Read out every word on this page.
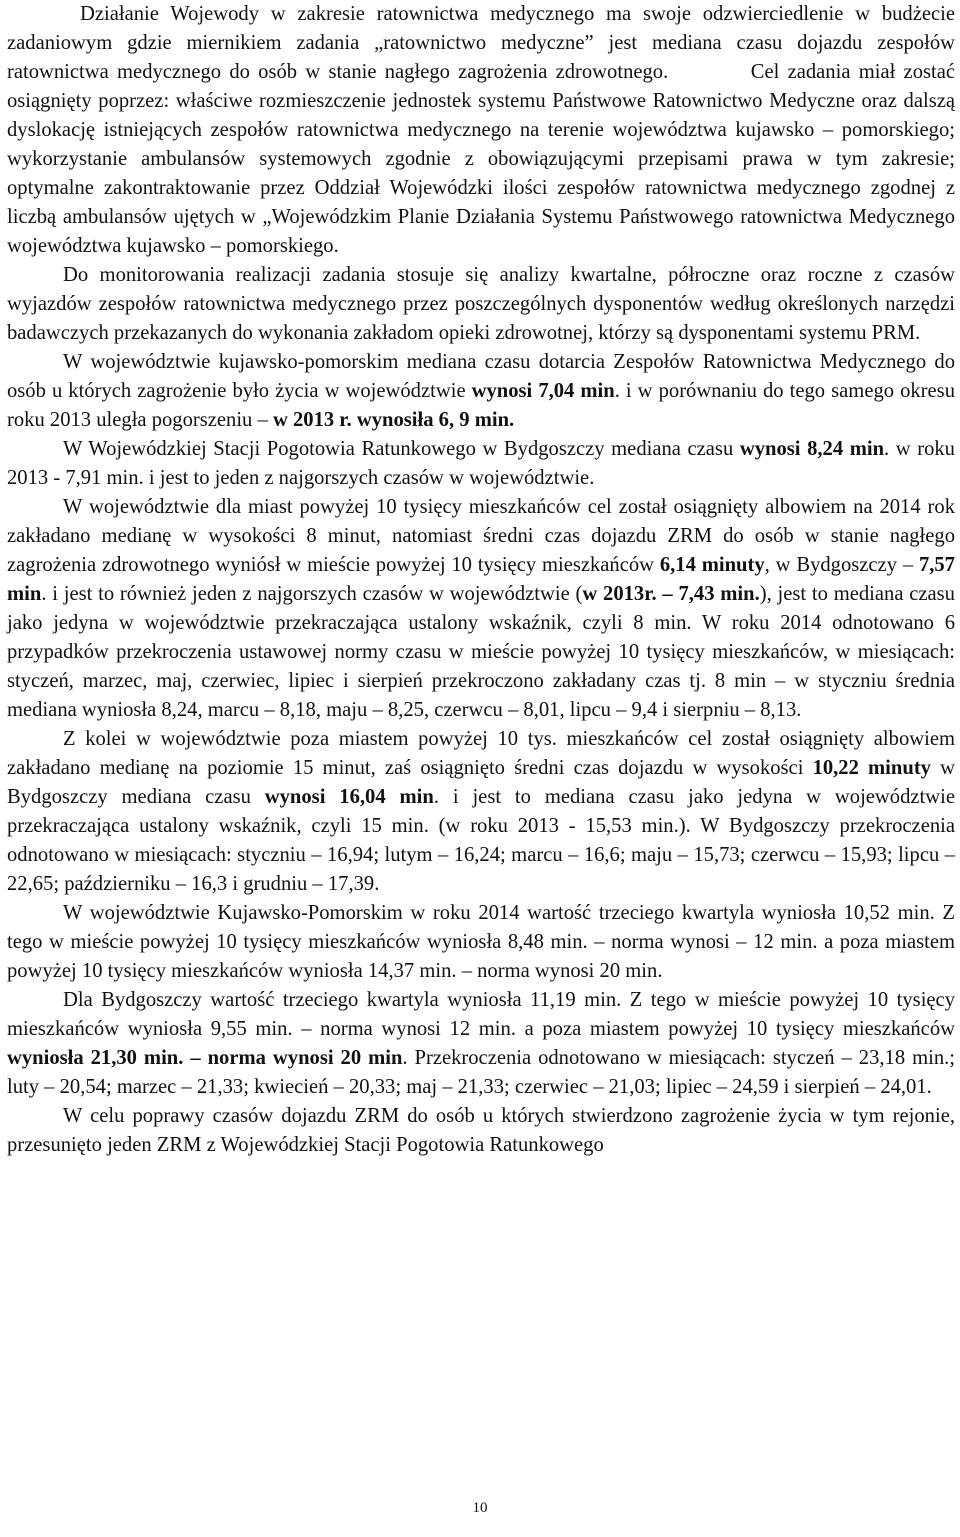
Działanie Wojewody w zakresie ratownictwa medycznego ma swoje odzwierciedlenie w budżecie zadaniowym gdzie miernikiem zadania „ratownictwo medyczne” jest mediana czasu dojazdu zespołów ratownictwa medycznego do osób w stanie nagłego zagrożenia zdrowotnego.          Cel zadania miał zostać osiągnięty poprzez: właściwe rozmieszczenie jednostek systemu Państwowe Ratownictwo Medyczne oraz dalszą dyslokację istniejących zespołów ratownictwa medycznego na terenie województwa kujawsko – pomorskiego; wykorzystanie ambulansów systemowych zgodnie z obowiązującymi przepisami prawa w tym zakresie; optymalne zakontraktowanie przez Oddział Wojewódzki ilości zespołów ratownictwa medycznego zgodnej z liczbą ambulansów ujętych w „Wojewódzkim Planie Działania Systemu Państwowego ratownictwa Medycznego województwa kujawsko – pomorskiego.

Do monitorowania realizacji zadania stosuje się analizy kwartalne, półroczne oraz roczne z czasów wyjazdów zespołów ratownictwa medycznego przez poszczególnych dysponentów według określonych narzędzi badawczych przekazanych do wykonania zakładom opieki zdrowotnej, którzy są dysponentami systemu PRM.

W województwie kujawsko-pomorskim mediana czasu dotarcia Zespołów Ratownictwa Medycznego do osób u których zagrożenie było życia w województwie wynosi 7,04 min. i w porównaniu do tego samego okresu roku 2013 uległa pogorszeniu – w 2013 r. wynosiła 6, 9 min.

W Wojewódzkiej Stacji Pogotowia Ratunkowego w Bydgoszczy mediana czasu wynosi 8,24 min. w roku 2013 - 7,91 min. i jest to jeden z najgorszych czasów w województwie.

W województwie dla miast powyżej 10 tysięcy mieszkańców cel został osiągnięty albowiem na 2014 rok zakładano medianę w wysokości 8 minut, natomiast średni czas dojazdu ZRM do osób w stanie nagłego zagrożenia zdrowotnego wyniósł w mieście powyżej 10 tysięcy mieszkańców 6,14 minuty, w Bydgoszczy – 7,57 min. i jest to również jeden z najgorszych czasów w województwie (w 2013r. – 7,43 min.), jest to mediana czasu jako jedyna w województwie przekraczająca ustalony wskaźnik, czyli 8 min. W roku 2014 odnotowano 6 przypadków przekroczenia ustawowej normy czasu w mieście powyżej 10 tysięcy mieszkańców, w miesiącach: styczeń, marzec, maj, czerwiec, lipiec i sierpień przekroczono zakładany czas tj. 8 min – w styczniu średnia mediana wyniosła 8,24, marcu – 8,18, maju – 8,25, czerwcu – 8,01, lipcu – 9,4 i sierpniu – 8,13.

Z kolei w województwie poza miastem powyżej 10 tys. mieszkańców cel został osiągnięty albowiem zakładano medianę na poziomie 15 minut, zaś osiągnięto średni czas dojazdu w wysokości 10,22 minuty w Bydgoszczy mediana czasu wynosi 16,04 min. i jest to mediana czasu jako jedyna w województwie przekraczająca ustalony wskaźnik, czyli 15 min. (w roku 2013 - 15,53 min.). W Bydgoszczy przekroczenia odnotowano w miesiącach: styczniu – 16,94; lutym – 16,24; marcu – 16,6; maju – 15,73; czerwcu – 15,93; lipcu – 22,65; październiku – 16,3 i grudniu – 17,39.

W województwie Kujawsko-Pomorskim w roku 2014 wartość trzeciego kwartyla wyniosła 10,52 min. Z tego w mieście powyżej 10 tysięcy mieszkańców wyniosła 8,48 min. – norma wynosi – 12 min. a poza miastem powyżej 10 tysięcy mieszkańców wyniosła 14,37 min. – norma wynosi 20 min.

Dla Bydgoszczy wartość trzeciego kwartyla wyniosła 11,19 min. Z tego w mieście powyżej 10 tysięcy mieszkańców wyniosła 9,55 min. – norma wynosi 12 min. a poza miastem powyżej 10 tysięcy mieszkańców wyniosła 21,30 min. – norma wynosi 20 min. Przekroczenia odnotowano w miesiącach: styczeń – 23,18 min.; luty – 20,54; marzec – 21,33; kwiecień – 20,33; maj – 21,33; czerwiec – 21,03; lipiec – 24,59 i sierpień – 24,01.

W celu poprawy czasów dojazdu ZRM do osób u których stwierdzono zagrożenie życia w tym rejonie, przesunięto jeden ZRM z Wojewódzkiej Stacji Pogotowia Ratunkowego

10
